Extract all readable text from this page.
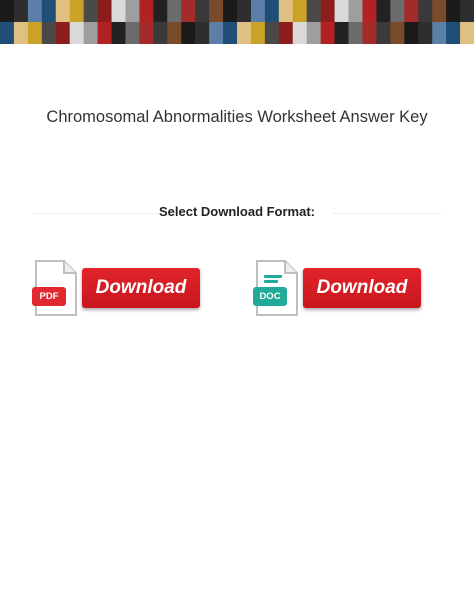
Chromosomal Abnormalities Worksheet Answer Key
Select Download Format:
PDF	Download	DOC	Download
